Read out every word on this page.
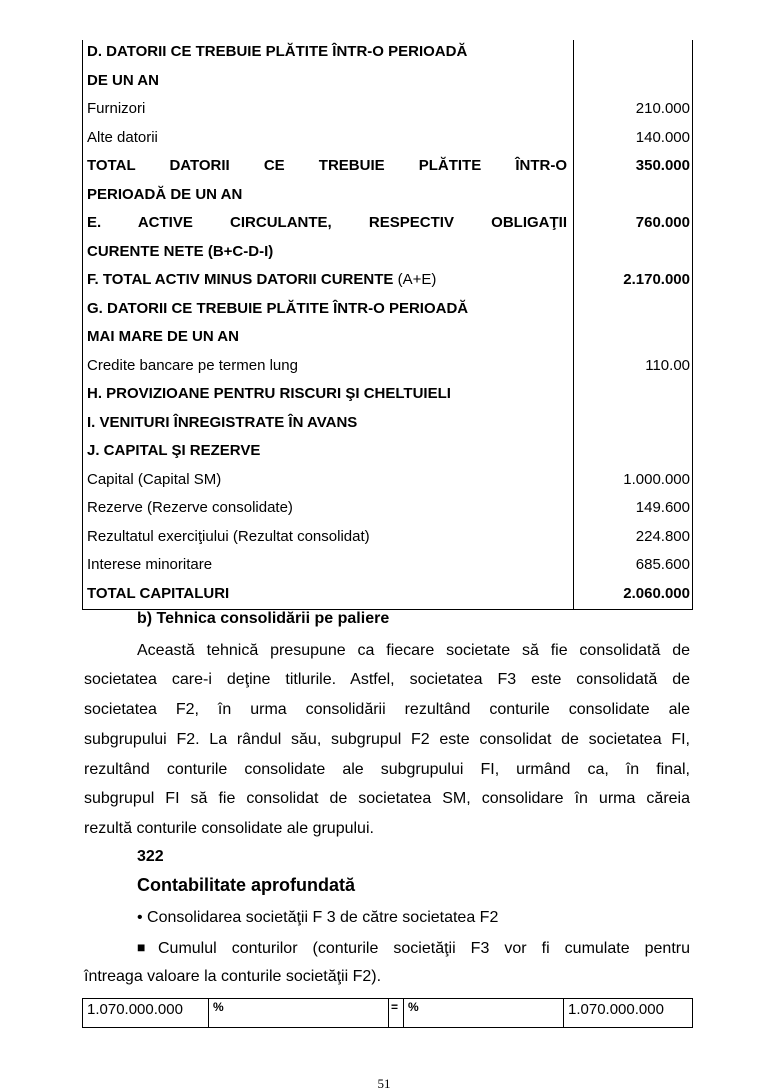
D. DATORII CE TREBUIE PLĂTITE ÎNTR-O PERIOADĂ
DE UN AN
Furnizori	210.000
Alte datorii	140.000
TOTAL DATORII CE TREBUIE PLĂTITE ÎNTR-O	350.000
PERIOADĂ DE UN AN
E. ACTIVE CIRCULANTE, RESPECTIV OBLIGAŢII	760.000
CURENTE NETE (B+C-D-I)
F. TOTAL ACTIV MINUS DATORII CURENTE (A+E)	2.170.000
G. DATORII CE TREBUIE PLĂTITE ÎNTR-O PERIOADĂ
MAI MARE DE UN AN
Credite bancare pe termen lung	110.00
H. PROVIZIOANE PENTRU RISCURI ŞI CHELTUIELI
I. VENITURI ÎNREGISTRATE ÎN AVANS
J. CAPITAL ŞI REZERVE
Capital (Capital SM)	1.000.000
Rezerve (Rezerve consolidate)	149.600
Rezultatul exerciţiului (Rezultat consolidat)	224.800
Interese minoritare	685.600
TOTAL CAPITALURI	2.060.000
b) Tehnica consolidării pe paliere
Această tehnică presupune ca fiecare societate să fie consolidată de
societatea care-i deţine titlurile. Astfel, societatea F3 este consolidată de
societatea F2, în urma consolidării rezultând conturile consolidate ale
subgrupului F2. La rândul său, subgrupul F2 este consolidat de societatea FI,
rezultând conturile consolidate ale subgrupului FI, urmând ca, în final,
subgrupul FI să fie consolidat de societatea SM, consolidare în urma căreia
rezultă conturile consolidate ale grupului.
322
Contabilitate aprofundată
• Consolidarea societăţii F 3 de către societatea F2
■ Cumulul conturilor (conturile societăţii F3 vor fi cumulate pentru
întreaga valoare la conturile societăţii F2).
1.070.000.000	%	= %	1.070.000.000
51
